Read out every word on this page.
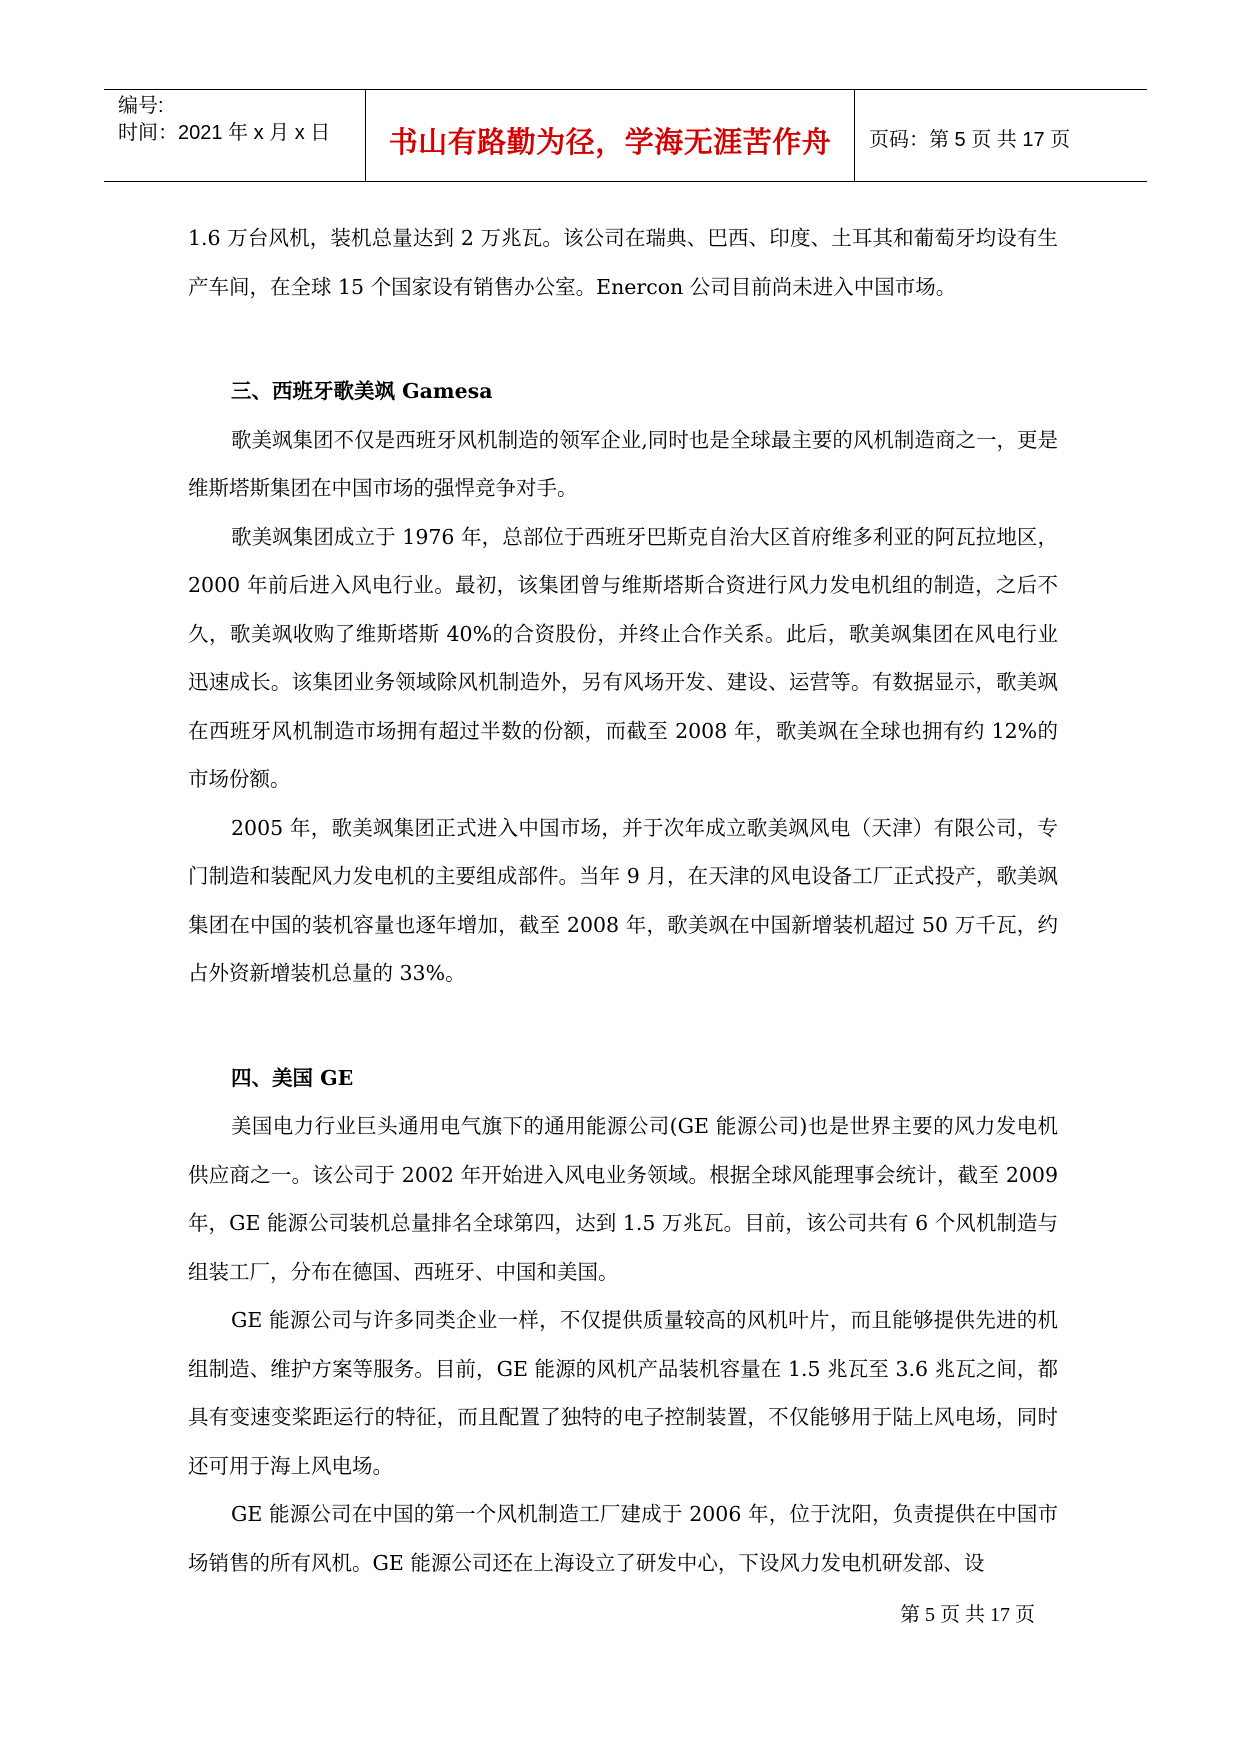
编号:
时间：2021 年 x 月 x 日	书山有路勤为径，学海无涯苦作舟	页码：第 5 页 共 17 页

1.6 万台风机，装机总量达到 2 万兆瓦。该公司在瑞典、巴西、印度、土耳其和葡萄牙均设有生产车间，在全球 15 个国家设有销售办公室。Enercon 公司目前尚未进入中国市场。

三、西班牙歌美飒 Gamesa

歌美飒集团不仅是西班牙风机制造的领军企业,同时也是全球最主要的风机制造商之一，更是维斯塔斯集团在中国市场的强悍竞争对手。

歌美飒集团成立于 1976 年，总部位于西班牙巴斯克自治大区首府维多利亚的阿瓦拉地区，2000 年前后进入风电行业。最初，该集团曾与维斯塔斯合资进行风力发电机组的制造，之后不久，歌美飒收购了维斯塔斯 40%的合资股份，并终止合作关系。此后，歌美飒集团在风电行业迅速成长。该集团业务领域除风机制造外，另有风场开发、建设、运营等。有数据显示，歌美飒在西班牙风机制造市场拥有超过半数的份额，而截至 2008 年，歌美飒在全球也拥有约 12%的市场份额。

2005 年，歌美飒集团正式进入中国市场，并于次年成立歌美飒风电（天津）有限公司，专门制造和装配风力发电机的主要组成部件。当年 9 月，在天津的风电设备工厂正式投产，歌美飒集团在中国的装机容量也逐年增加，截至 2008 年，歌美飒在中国新增装机超过 50 万千瓦，约占外资新增装机总量的 33%。

四、美国 GE

美国电力行业巨头通用电气旗下的通用能源公司(GE 能源公司)也是世界主要的风力发电机供应商之一。该公司于 2002 年开始进入风电业务领域。根据全球风能理事会统计，截至 2009 年，GE 能源公司装机总量排名全球第四，达到 1.5 万兆瓦。目前，该公司共有 6 个风机制造与组装工厂，分布在德国、西班牙、中国和美国。

GE 能源公司与许多同类企业一样，不仅提供质量较高的风机叶片，而且能够提供先进的机组制造、维护方案等服务。目前，GE 能源的风机产品装机容量在 1.5 兆瓦至 3.6 兆瓦之间，都具有变速变桨距运行的特征，而且配置了独特的电子控制装置，不仅能够用于陆上风电场，同时还可用于海上风电场。

GE 能源公司在中国的第一个风机制造工厂建成于 2006 年，位于沈阳，负责提供在中国市场销售的所有风机。GE 能源公司还在上海设立了研发中心，下设风力发电机研发部、设

第 5 页 共 17 页
